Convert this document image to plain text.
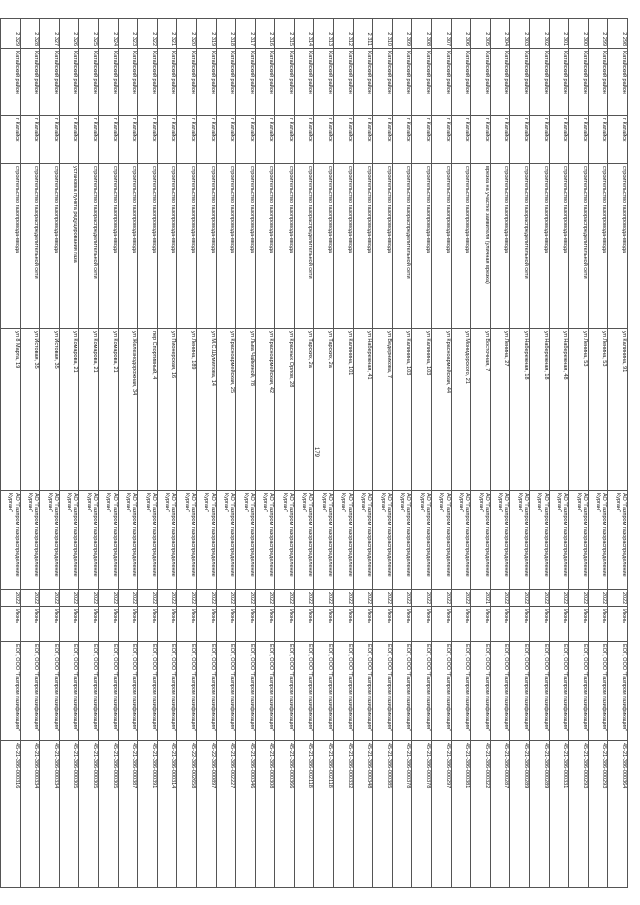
179
2 298	Катайский район	г Катайск	строительство газопровода-ввода	ул Калинина, 91	АО "Газпром газораспределение Курган"	2022	Июнь	ЕОГ, ООО "Газпром газификация"	45-21-386-000364
2 299	Катайский район	г Катайск	строительство газопровода-ввода	ул Ленина, 53	АО "Газпром газораспределение Курган"	2022	Июнь	ЕОГ, ООО "Газпром газификация"	45-21-386-000293
2 300	Катайский район	г Катайск	строительство газораспределительной сети	ул Ленина, 53	АО "Газпром газораспределение Курган"	2022	Июнь	ЕОГ, ООО "Газпром газификация"	45-21-386-000293
2 301	Катайский район	г Катайск	строительство газопровода-ввода	ул Набережная, 48	АО "Газпром газораспределение Курган"	2022	Июнь	ЕОГ, ООО "Газпром газификация"	45-21-386-000331
2 302	Катайский район	г Катайск	строительство газопровода-ввода	ул Набережная, 18	АО "Газпром газораспределение Курган"	2022	Июнь	ЕОГ, ООО "Газпром газификация"	45-21-386-000289
2 303	Катайский район	г Катайск	строительство газораспределительной сети	ул Набережная, 18	АО "Газпром газораспределение Курган"	2022	Июнь	ЕОГ, ООО "Газпром газификация"	45-21-386-000289
2 304	Катайский район	г Катайск	строительство газопровода-ввода	ул Ленина, 27	АО "Газпром газораспределение Курган"	2022	Июнь	ЕОГ, ООО "Газпром газификация"	45-21-386-000287
2 305	Катайский район	г Катайск	врезка на участке заявителя (уличная врезка)	ул Восточная, 7	АО "Газпром газораспределение Курган"	2021	Июнь	ЕОГ, ООО "Газпром газификация"	45-21-386-000322
2 306	Катайский район	г Катайск	строительство газопровода-ввода	ул Монидорского, 21	АО "Газпром газораспределение Курган"	2022	Июнь	ЕОГ, ООО "Газпром газификация"	45-21-386-000381
2 307	Катайский район	г Катайск	строительство газопровода-ввода	ул Красноармейская, 44	АО "Газпром газораспределение Курган"	2022	Июнь	ЕОГ, ООО "Газпром газификация"	45-21-386-000297
2 308	Катайский район	г Катайск	строительство газопровода-ввода	ул Калинина, 103	АО "Газпром газораспределение Курган"	2022	Июнь	ЕОГ, ООО "Газпром газификация"	45-21-386-000378
2 309	Катайский район	г Катайск	строительство газораспределительной сети	ул Калинина, 103	АО "Газпром газораспределение Курган"	2022	Июнь	ЕОГ, ООО "Газпром газификация"	45-21-386-000378
2 310	Катайский район	г Катайск	строительство газопровода-ввода	ул Ведерникова, 7	АО "Газпром газораспределение Курган"	2022	Июнь	ЕОГ, ООО "Газпром газификация"	45-21-386-000385
2 311	Катайский район	г Катайск	строительство газопровода-ввода	ул Набережная, 41	АО "Газпром газораспределение Курган"	2022	Июнь	ЕОГ, ООО "Газпром газификация"	45-21-386-000348
2 312	Катайский район	г Катайск	строительство газопровода-ввода	ул Калинина, 101	АО "Газпром газораспределение Курган"	2022	Июнь	ЕОГ, ООО "Газпром газификация"	45-21-386-000332
2 313	Катайский район	г Катайск	строительство газопровода-ввода	ул Тарских, 2а	АО "Газпром газораспределение Курган"	2022	Июнь	ЕОГ, ООО "Газпром газификация"	45-21-386-002118
2 314	Катайский район	г Катайск	строительство газораспределительной сети	ул Тарских, 2а	АО "Газпром газораспределение Курган"	2022	Июнь	ЕОГ, ООО "Газпром газификация"	45-21-386-002118
2 315	Катайский район	г Катайск	строительство газопровода-ввода	ул Красных Орлов, 28	АО "Газпром газораспределение Курган"	2022	Июнь	ЕОГ, ООО "Газпром газификация"	45-21-386-000366
2 316	Катайский район	г Катайск	строительство газопровода-ввода	ул Красноармейская, 42	АО "Газпром газораспределение Курган"	2022	Июнь	ЕОГ, ООО "Газпром газификация"	45-21-386-000308
2 317	Катайский район	г Катайск	строительство газопровода-ввода	ул Льва Чайкиной, 78	АО "Газпром газораспределение Курган"	2022	Июнь	ЕОГ, ООО "Газпром газификация"	45-21-386-000346
2 318	Катайский район	г Катайск	строительство газопровода-ввода	ул Красноармейская, 25	АО "Газпром газораспределение Курган"	2022	Июнь	ЕОГ, ООО "Газпром газификация"	45-21-386-002227
2 319	Катайский район	г Катайск	строительство газопровода-ввода	ул М.С.Шумилова, 14	АО "Газпром газораспределение Курган"	2022	Июнь	ЕОГ, ООО "Газпром газификация"	45-22-386-000897
2 320	Катайский район	г Катайск	строительство газопровода-ввода	ул Ленина, 189	АО "Газпром газораспределение Курган"	2022	Июнь	ЕОГ, ООО "Газпром газификация"	45-22-386-002658
2 321	Катайский район	г Катайск	строительство газопровода-ввода	ул Пионерская, 16	АО "Газпром газораспределение Курган"	2022	Июнь	ЕОГ, ООО "Газпром газификация"	45-21-386-000314
2 322	Катайский район	г Катайск	строительство газопровода-ввода	пер Спортивный, 4	АО "Газпром газораспределение Курган"	2022	Июнь	ЕОГ, ООО "Газпром газификация"	45-21-386-000391
2 323	Катайский район	г Катайск	строительство газопровода-ввода	ул Железнодорожная, 34	АО "Газпром газораспределение Курган"	2022	Июнь	ЕОГ, ООО "Газпром газификация"	45-21-386-000387
2 324	Катайский район	г Катайск	строительство газопровода-ввода	ул Комарова, 21	АО "Газпром газораспределение Курган"	2022	Июнь	ЕОГ, ООО "Газпром газификация"	45-21-386-000305
2 325	Катайский район	г Катайск	строительство газораспределительной сети	ул Комарова, 21	АО "Газпром газораспределение Курган"	2022	Июнь	ЕОГ, ООО "Газпром газификация"	45-21-386-000305
2 326	Катайский район	г Катайск	установка пункта редуцирования газа	ул Комарова, 21	АО "Газпром газораспределение Курган"	2022	Июнь	ЕОГ, ООО "Газпром газификация"	45-21-386-000305
2 327	Катайский район	г Катайск	строительство газопровода-ввода	ул Истовая, 35	АО "Газпром газораспределение Курган"	2022	Июнь	ЕОГ, ООО "Газпром газификация"	45-21-386-000334
2 328	Катайский район	г Катайск	строительство газораспределительной сети	ул Истовая, 35	АО "Газпром газораспределение Курган"	2022	Июнь	ЕОГ, ООО "Газпром газификация"	45-21-386-000334
2 329	Катайский район	г Катайск	строительство газопровода-ввода	ул 8 Марта, 19	АО "Газпром газораспределение Курган"	2022	Июнь	ЕОГ, ООО "Газпром газификация"	45-21-386-000316
